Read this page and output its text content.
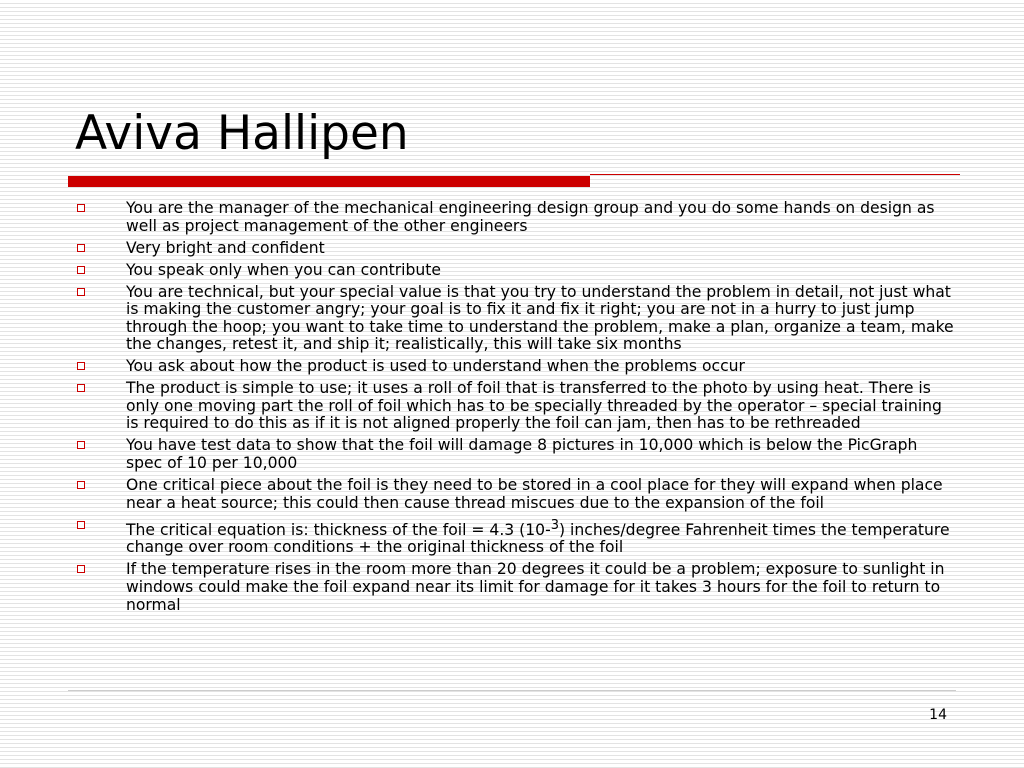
Aviva Hallipen
You are the manager of the mechanical engineering design group and you do some hands on design as well as project management of the other engineers
Very bright and confident
You speak only when you can contribute
You are technical, but your special value is that you try to understand the problem in detail, not just what is making the customer angry; your goal is to fix it and fix it right; you are not in a hurry to just jump through the hoop; you want to take time to understand the problem, make a plan, organize a team, make the changes, retest it, and ship it; realistically, this will take six months
You ask about how the product is used to understand when the problems occur
The product is simple to use; it uses a roll of foil that is transferred to the photo by using heat. There is only one moving part the roll of foil which has to be specially threaded by the operator – special training is required to do this as if it is not aligned properly the foil can jam, then has to be rethreaded
You have test data to show that the foil will damage 8 pictures in 10,000 which is below the PicGraph spec of 10 per 10,000
One critical piece about the foil is they need to be stored in a cool place for they will expand when place near a heat source; this could then cause thread miscues due to the expansion of the foil
The critical equation is: thickness of the foil = 4.3 (10-$^3$) inches/degree Fahrenheit times the temperature change over room conditions + the original thickness of the foil
If the temperature rises in the room more than 20 degrees it could be a problem; exposure to sunlight in windows could make the foil expand near its limit for damage for it takes 3 hours for the foil to return to normal
14
